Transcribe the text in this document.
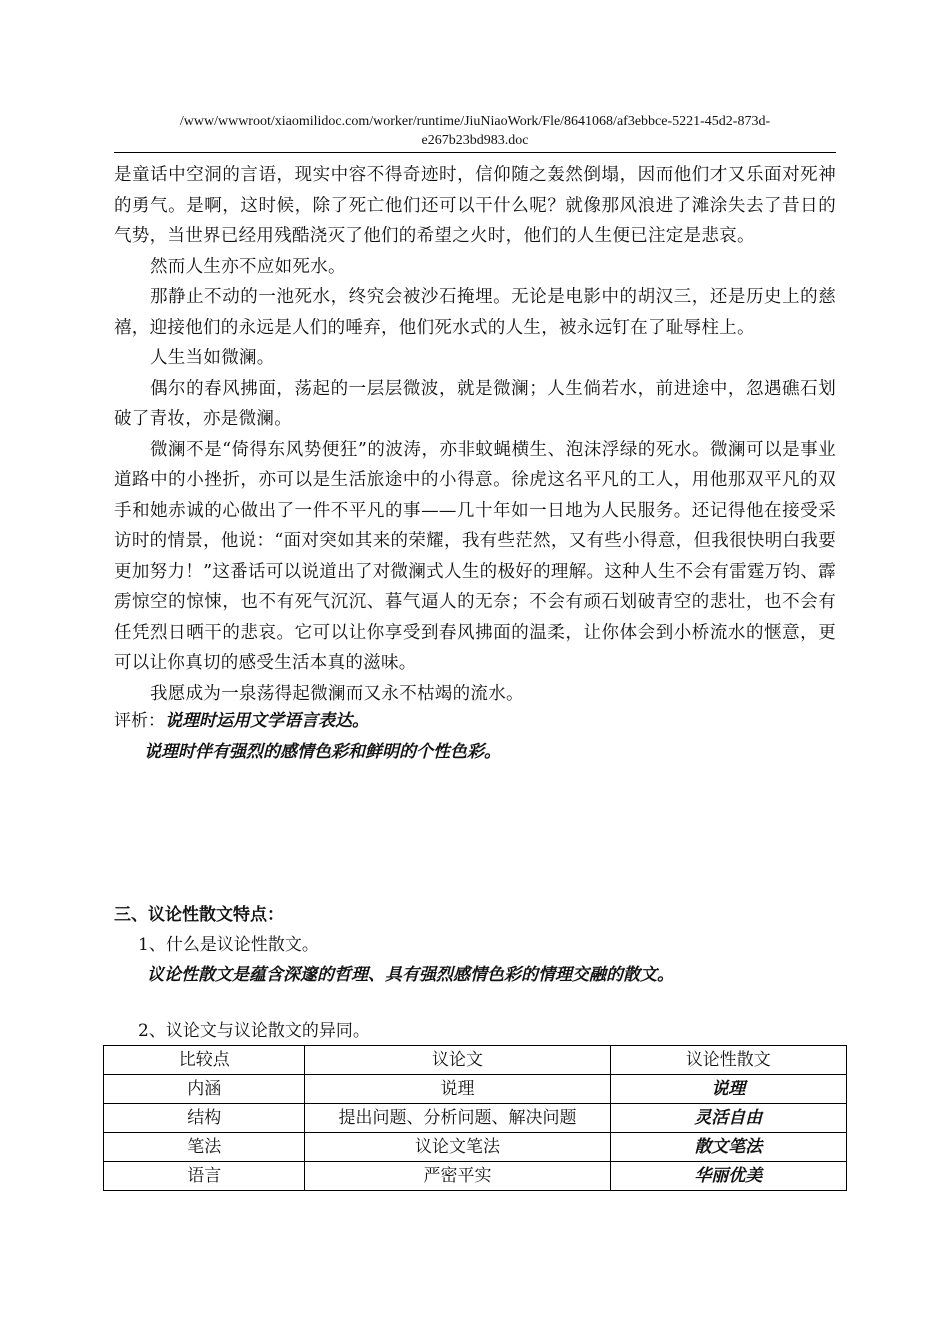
/www/wwwroot/xiaomilidoc.com/worker/runtime/JiuNiaoWork/Fle/8641068/af3ebbce-5221-45d2-873d-
e267b23bd983.doc

是童话中空洞的言语，现实中容不得奇迹时，信仰随之轰然倒塌，因而他们才又乐面对死神的勇气。是啊，这时候，除了死亡他们还可以干什么呢？就像那风浪进了滩涂失去了昔日的气势，当世界已经用残酷浇灭了他们的希望之火时，他们的人生便已注定是悲哀。

然而人生亦不应如死水。

那静止不动的一池死水，终究会被沙石掩埋。无论是电影中的胡汉三，还是历史上的慈禧，迎接他们的永远是人们的唾弃，他们死水式的人生，被永远钉在了耻辱柱上。

人生当如微澜。

偶尔的春风拂面，荡起的一层层微波，就是微澜；人生倘若水，前进途中，忽遇礁石划破了青妆，亦是微澜。

微澜不是“倚得东风势便狂”的波涛，亦非蚊蝇横生、泡沫浮绿的死水。微澜可以是事业道路中的小挫折，亦可以是生活旅途中的小得意。徐虎这名平凡的工人，用他那双平凡的双手和她赤诚的心做出了一件不平凡的事——几十年如一日地为人民服务。还记得他在接受采访时的情景，他说：“面对突如其来的荣耀，我有些茫然，又有些小得意，但我很快明白我要更加努力！”这番话可以说道出了对微澜式人生的极好的理解。这种人生不会有雷霆万钧、霹雳惊空的惊悚，也不有死气沉沉、暮气逼人的无奈；不会有顽石划破青空的悲壮，也不会有任凭烈日晒干的悲哀。它可以让你享受到春风拂面的温柔，让你体会到小桥流水的惬意，更可以让你真切的感受生活本真的滋味。

我愿成为一泉荡得起微澜而又永不枯竭的流水。

评析：说理时运用文学语言表达。

说理时伴有强烈的感情色彩和鲜明的个性色彩。

三、议论性散文特点：

1、什么是议论性散文。

议论性散文是蕴含深邃的哲理、具有强烈感情色彩的情理交融的散文。

2、议论文与议论散文的异同。
比较点	议论文	议论性散文
内涵	说理	说理
结构	提出问题、分析问题、解决问题	灵活自由
笔法	议论文笔法	散文笔法
语言	严密平实	华丽优美
